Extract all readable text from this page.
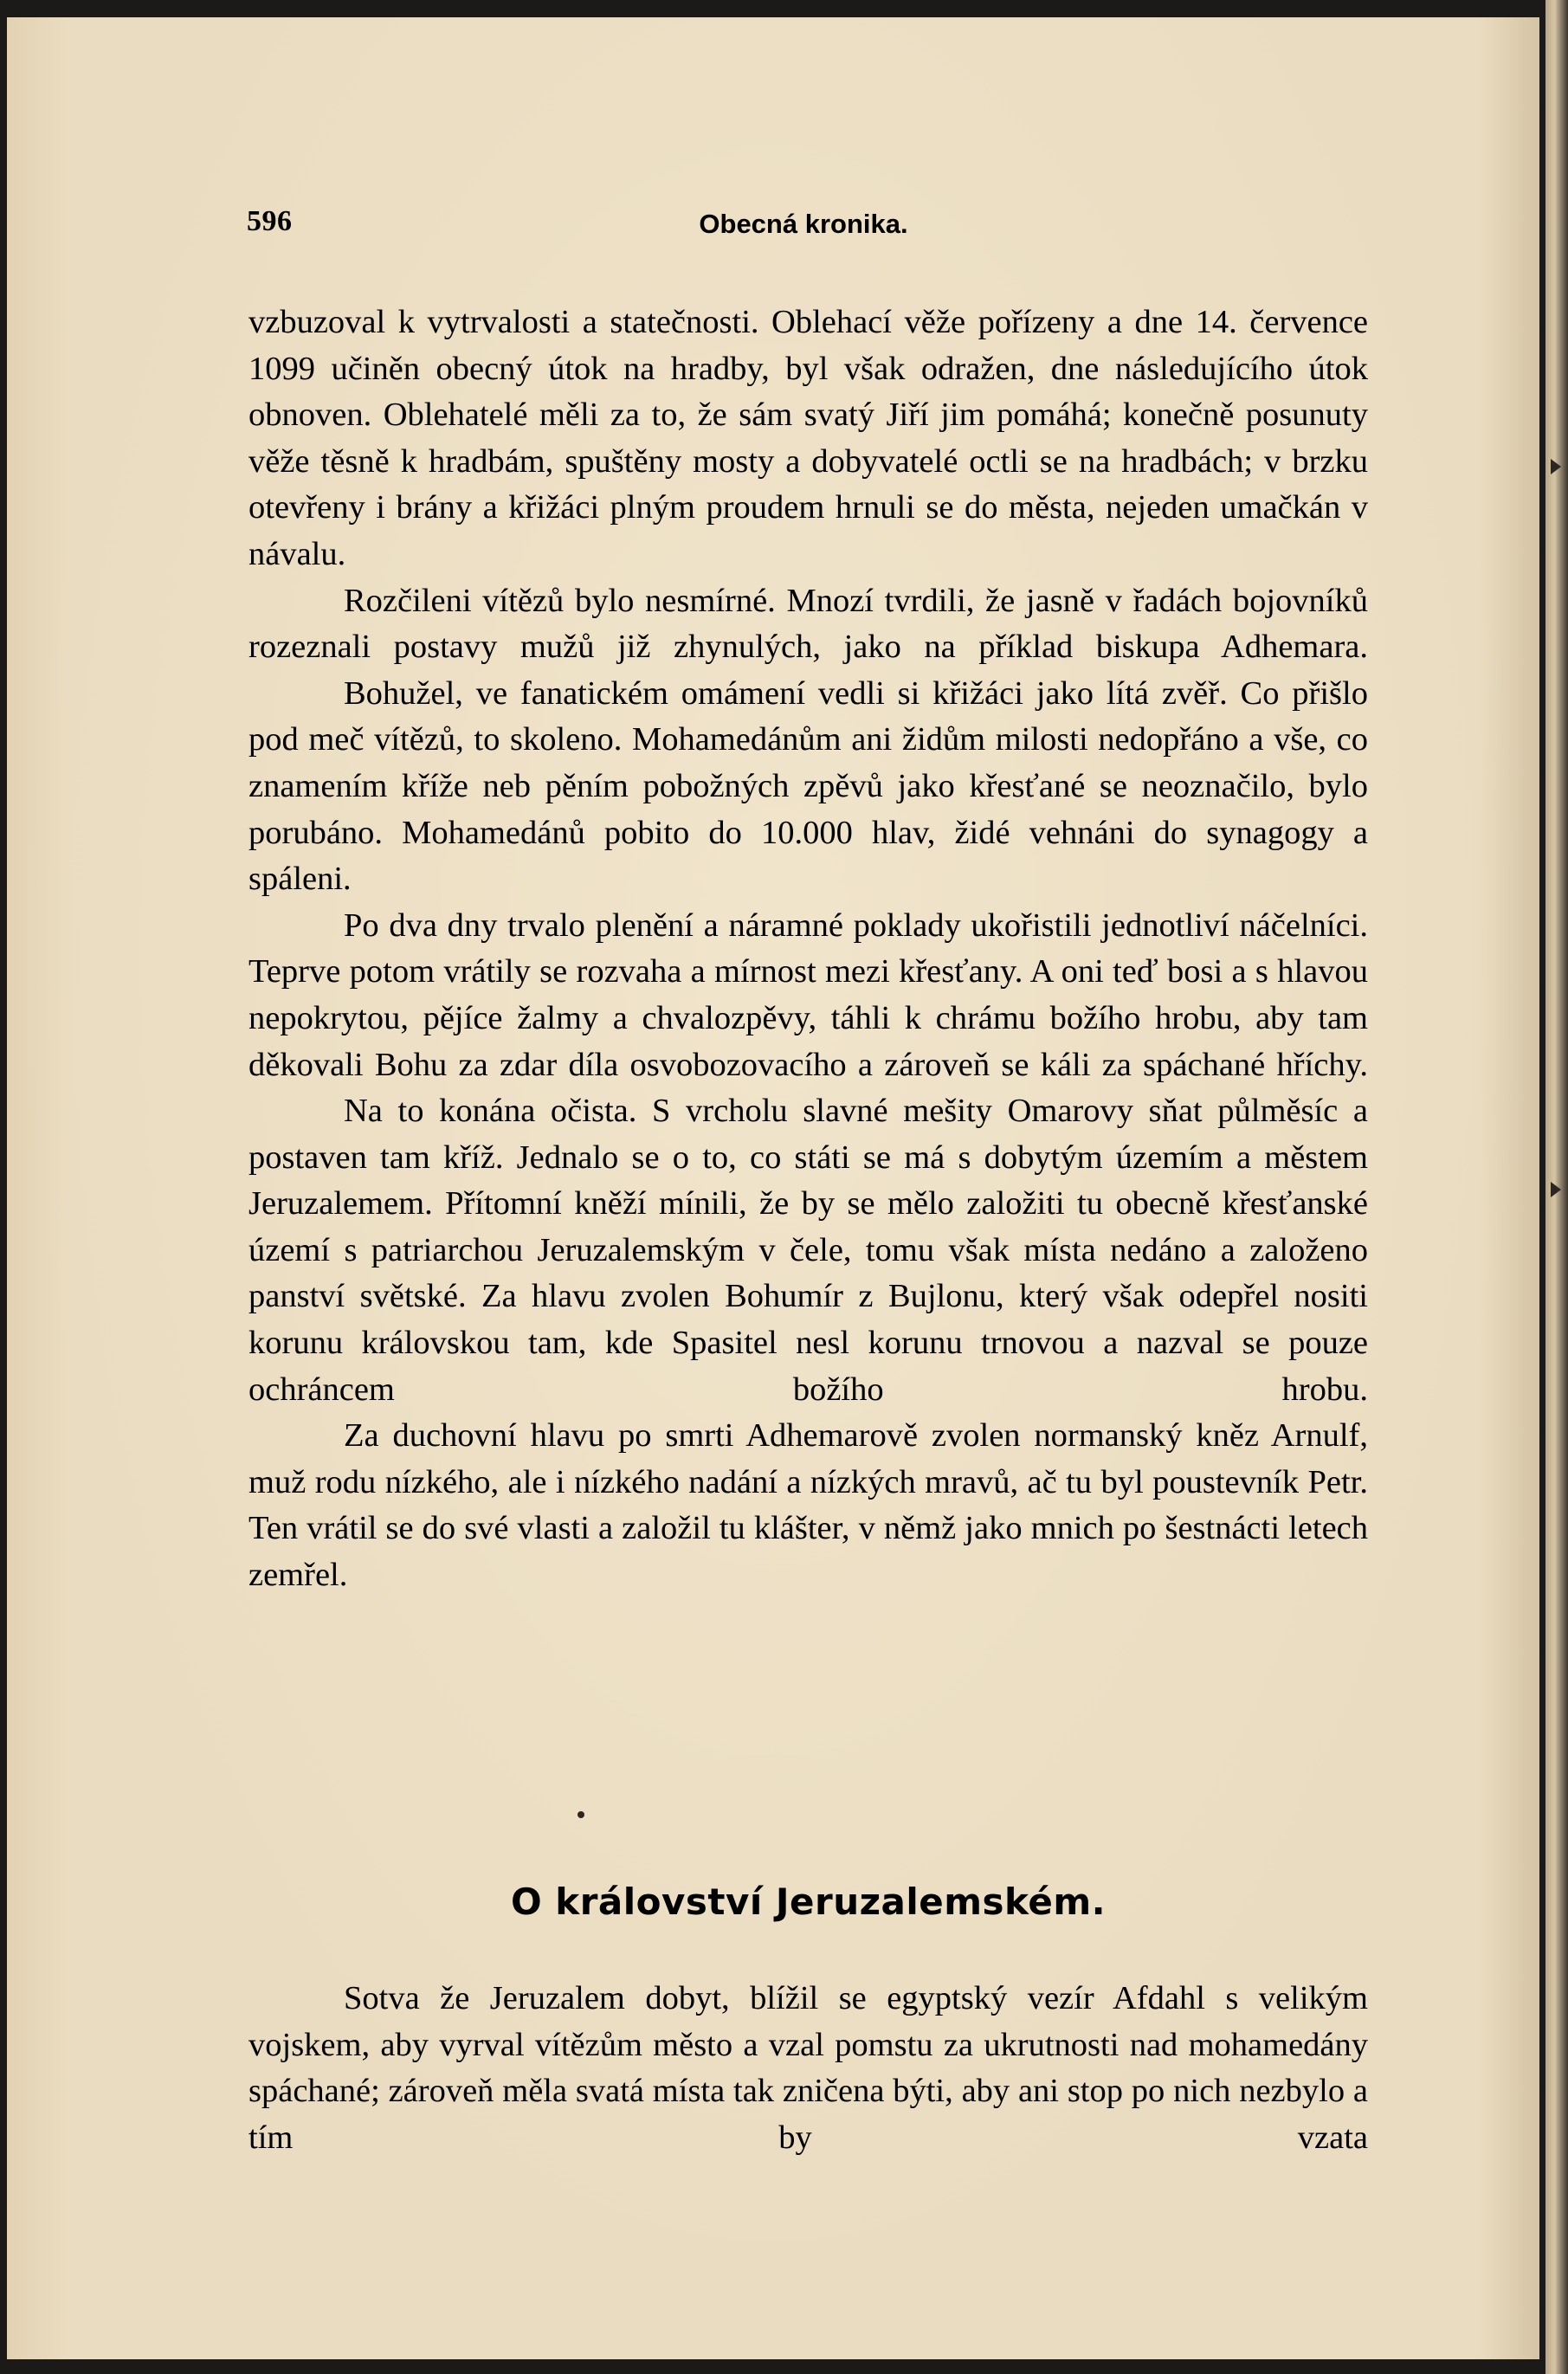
596	Obecná kronika.

vzbuzoval k vytrvalosti a statečnosti. Oblehací věže pořízeny a dne 14. července 1099 učiněn obecný útok na hradby, byl však odražen, dne následujícího útok obnoven. Oblehatelé měli za to, že sám svatý Jiří jim pomáhá; konečně posunuty věže těsně k hradbám, spuštěny mosty a dobyvatelé octli se na hradbách; v brzku otevřeny i brány a křižáci plným proudem hrnuli se do města, nejeden umačkán v návalu.

Rozčileni vítězů bylo nesmírné. Mnozí tvrdili, že jasně v řadách bojovníků rozeznali postavy mužů již zhynulých, jako na příklad biskupa Adhemara.

Bohužel, ve fanatickém omámení vedli si křižáci jako lítá zvěř. Co přišlo pod meč vítězů, to skoleno. Mohamedánům ani židům milosti nedopřáno a vše, co znamením kříže neb pěním pobožných zpěvů jako křesťané se neoznačilo, bylo porubáno. Mohamedánů pobito do 10.000 hlav, židé vehnáni do synagogy a spáleni.

Po dva dny trvalo plenění a náramné poklady ukořistili jednotliví náčelníci. Teprve potom vrátily se rozvaha a mírnost mezi křesťany. A oni teď bosi a s hlavou nepokrytou, pějíce žalmy a chvalozpěvy, táhli k chrámu božího hrobu, aby tam děkovali Bohu za zdar díla osvobozovacího a zároveň se káli za spáchané hříchy.

Na to konána očista. S vrcholu slavné mešity Omarovy sňat půlměsíc a postaven tam kříž. Jednalo se o to, co státi se má s dobytým územím a městem Jeruzalemem. Přítomní kněží mínili, že by se mělo založiti tu obecně křesťanské území s patriarchou Jeruzalemským v čele, tomu však místa nedáno a založeno panství světské. Za hlavu zvolen Bohumír z Bujlonu, který však odepřel nositi korunu královskou tam, kde Spasitel nesl korunu trnovou a nazval se pouze ochráncem božího hrobu.

Za duchovní hlavu po smrti Adhemarově zvolen normanský kněz Arnulf, muž rodu nízkého, ale i nízkého nadání a nízkých mravů, ač tu byl poustevník Petr. Ten vrátil se do své vlasti a založil tu klášter, v němž jako mnich po šestnácti letech zemřel.

O království Jeruzalemském.

Sotva že Jeruzalem dobyt, blížil se egyptský vezír Afdahl s velikým vojskem, aby vyrval vítězům město a vzal pomstu za ukrutnosti nad mohamedány spáchané; zároveň měla svatá místa tak zničena býti, aby ani stop po nich nezbylo a tím by vzata
